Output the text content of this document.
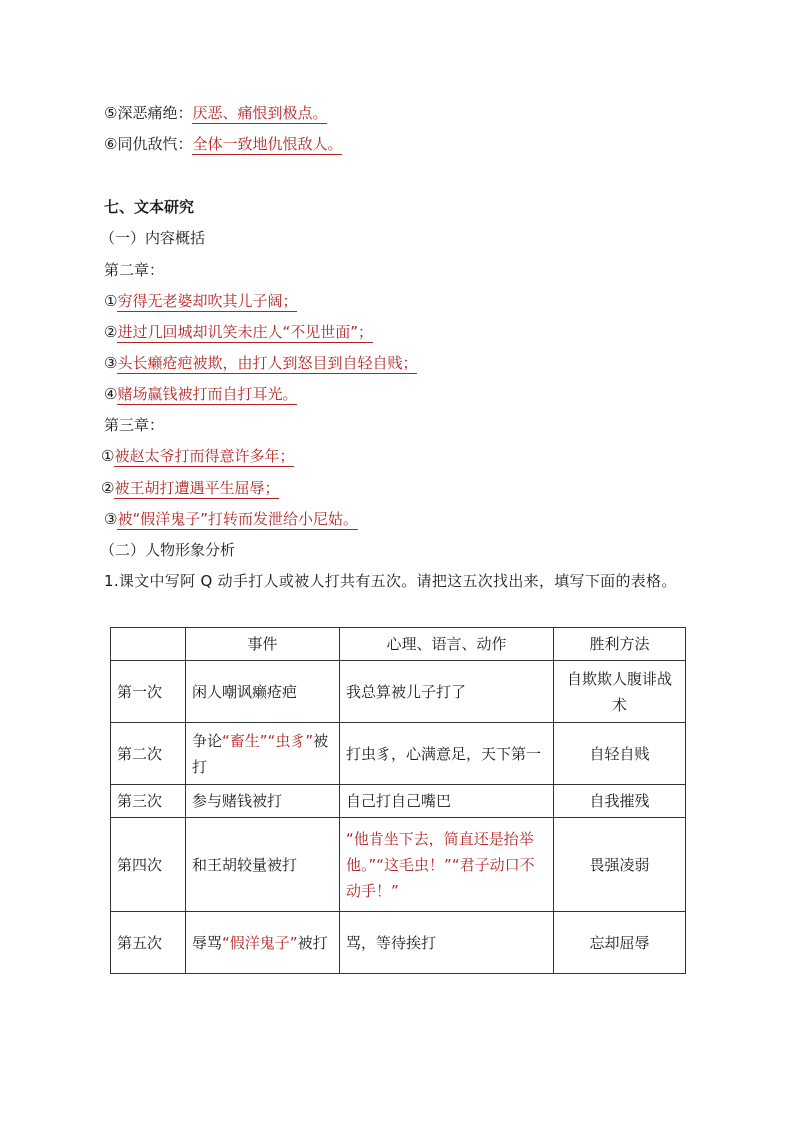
⑤深恶痛绝：厌恶、痛恨到极点。
⑥同仇敌忾：全体一致地仇恨敌人。
七、文本研究
（一）内容概括
第二章：
①穷得无老婆却吹其儿子阔；
②进过几回城却讥笑未庄人“不见世面”；
③头长癞疮疤被欺，由打人到怒目到自轻自贱；
④赌场赢钱被打而自打耳光。
第三章：
①被赵太爷打而得意许多年；
②被王胡打遭遇平生屈辱；
③被“假洋鬼子”打转而发泄给小尼姑。
（二）人物形象分析
1.课文中写阿 Q 动手打人或被人打共有五次。请把这五次找出来，填写下面的表格。
	事件	心理、语言、动作	胜利方法
第一次	闲人嘲讽癞疮疤	我总算被儿子打了	自欺欺人腹诽战术
第二次	争论“畜生”“虫豸”被打	打虫豸，心满意足，天下第一	自轻自贱
第三次	参与赌钱被打	自己打自己嘴巴	自我摧残
第四次	和王胡较量被打	“他肯坐下去，简直还是抬举他。”“这毛虫！”“君子动口不动手！”	畏强凌弱
第五次	辱骂“假洋鬼子”被打	骂，等待挨打	忘却屈辱
